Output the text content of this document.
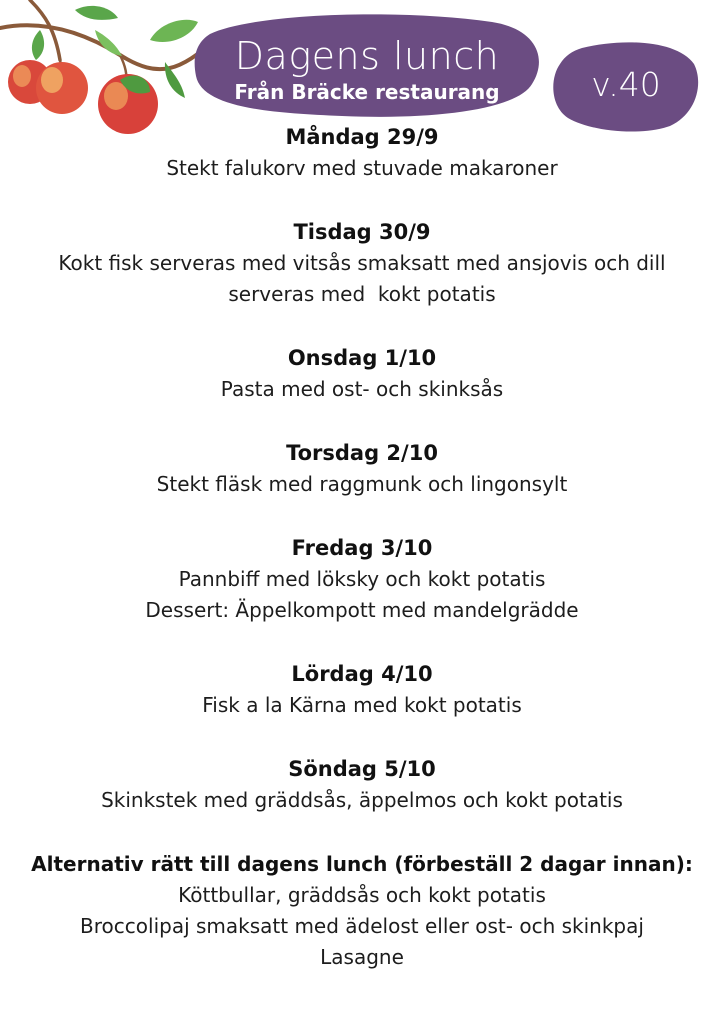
Dagens lunch
Från Bräcke restaurang	v.40
Måndag 29/9
Stekt falukorv med stuvade makaroner
Tisdag 30/9
Kokt fisk serveras med vitsås smaksatt med ansjovis och dill
serveras med  kokt potatis
Onsdag 1/10
Pasta med ost- och skinksås
Torsdag 2/10
Stekt fläsk med raggmunk och lingonsylt
Fredag 3/10
Pannbiff med löksky och kokt potatis
Dessert: Äppelkompott med mandelgrädde
Lördag 4/10
Fisk a la Kärna med kokt potatis
Söndag 5/10
Skinkstek med gräddsås, äppelmos och kokt potatis
Alternativ rätt till dagens lunch (förbeställ 2 dagar innan):
Köttbullar, gräddsås och kokt potatis
Broccolipaj smaksatt med ädelost eller ost- och skinkpaj
Lasagne
